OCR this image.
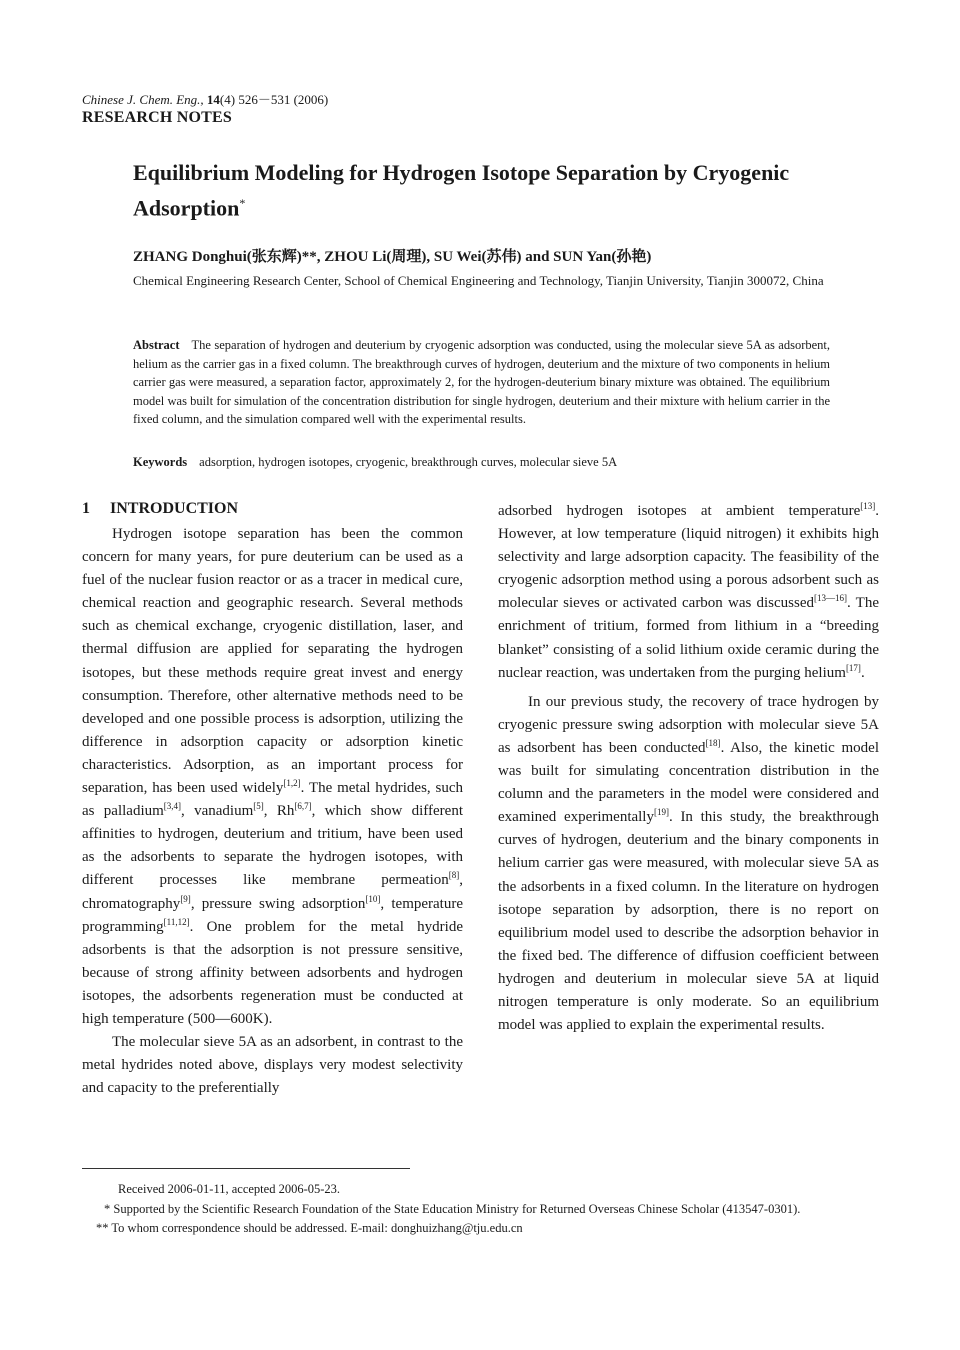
Chinese J. Chem. Eng., 14(4) 526－531 (2006)
RESEARCH NOTES
Equilibrium Modeling for Hydrogen Isotope Separation by Cryogenic Adsorption*
ZHANG Donghui(张东辉)**, ZHOU Li(周理), SU Wei(苏伟) and SUN Yan(孙艳)
Chemical Engineering Research Center, School of Chemical Engineering and Technology, Tianjin University, Tianjin 300072, China
Abstract The separation of hydrogen and deuterium by cryogenic adsorption was conducted, using the molecular sieve 5A as adsorbent, helium as the carrier gas in a fixed column. The breakthrough curves of hydrogen, deuterium and the mixture of two components in helium carrier gas were measured, a separation factor, approximately 2, for the hydrogen-deuterium binary mixture was obtained. The equilibrium model was built for simulation of the concentration distribution for single hydrogen, deuterium and their mixture with helium carrier in the fixed column, and the simulation compared well with the experimental results.
Keywords adsorption, hydrogen isotopes, cryogenic, breakthrough curves, molecular sieve 5A
1 INTRODUCTION

Hydrogen isotope separation has been the common concern for many years, for pure deuterium can be used as a fuel of the nuclear fusion reactor or as a tracer in medical cure, chemical reaction and geographic research. Several methods such as chemical exchange, cryogenic distillation, laser, and thermal diffusion are applied for separating the hydrogen isotopes, but these methods require great invest and energy consumption. Therefore, other alternative methods need to be developed and one possible process is adsorption, utilizing the difference in adsorption capacity or adsorption kinetic characteristics. Adsorption, as an important process for separation, has been used widely[1,2]. The metal hydrides, such as palladium[3,4], vanadium[5], Rh[6,7], which show different affinities to hydrogen, deuterium and tritium, have been used as the adsorbents to separate the hydrogen isotopes, with different processes like membrane permeation[8], chromatography[9], pressure swing adsorption[10], temperature programming[11,12]. One problem for the metal hydride adsorbents is that the adsorption is not pressure sensitive, because of strong affinity between adsorbents and hydrogen isotopes, the adsorbents regeneration must be conducted at high temperature (500—600K).

The molecular sieve 5A as an adsorbent, in contrast to the metal hydrides noted above, displays very modest selectivity and capacity to the preferentially

adsorbed hydrogen isotopes at ambient temperature[13]. However, at low temperature (liquid nitrogen) it exhibits high selectivity and large adsorption capacity. The feasibility of the cryogenic adsorption method using a porous adsorbent such as molecular sieves or activated carbon was discussed[13—16]. The enrichment of tritium, formed from lithium in a “breeding blanket” consisting of a solid lithium oxide ceramic during the nuclear reaction, was undertaken from the purging helium[17].

In our previous study, the recovery of trace hydrogen by cryogenic pressure swing adsorption with molecular sieve 5A as adsorbent has been conducted[18]. Also, the kinetic model was built for simulating concentration distribution in the column and the parameters in the model were considered and examined experimentally[19]. In this study, the breakthrough curves of hydrogen, deuterium and the binary components in helium carrier gas were measured, with molecular sieve 5A as the adsorbents in a fixed column. In the literature on hydrogen isotope separation by adsorption, there is no report on equilibrium model used to describe the adsorption behavior in the fixed bed. The difference of diffusion coefficient between hydrogen and deuterium in molecular sieve 5A at liquid nitrogen temperature is only moderate. So an equilibrium model was applied to explain the experimental results.

Received 2006-01-11, accepted 2006-05-23.
* Supported by the Scientific Research Foundation of the State Education Ministry for Returned Overseas Chinese Scholar (413547-0301).
** To whom correspondence should be addressed. E-mail: donghuizhang@tju.edu.cn
